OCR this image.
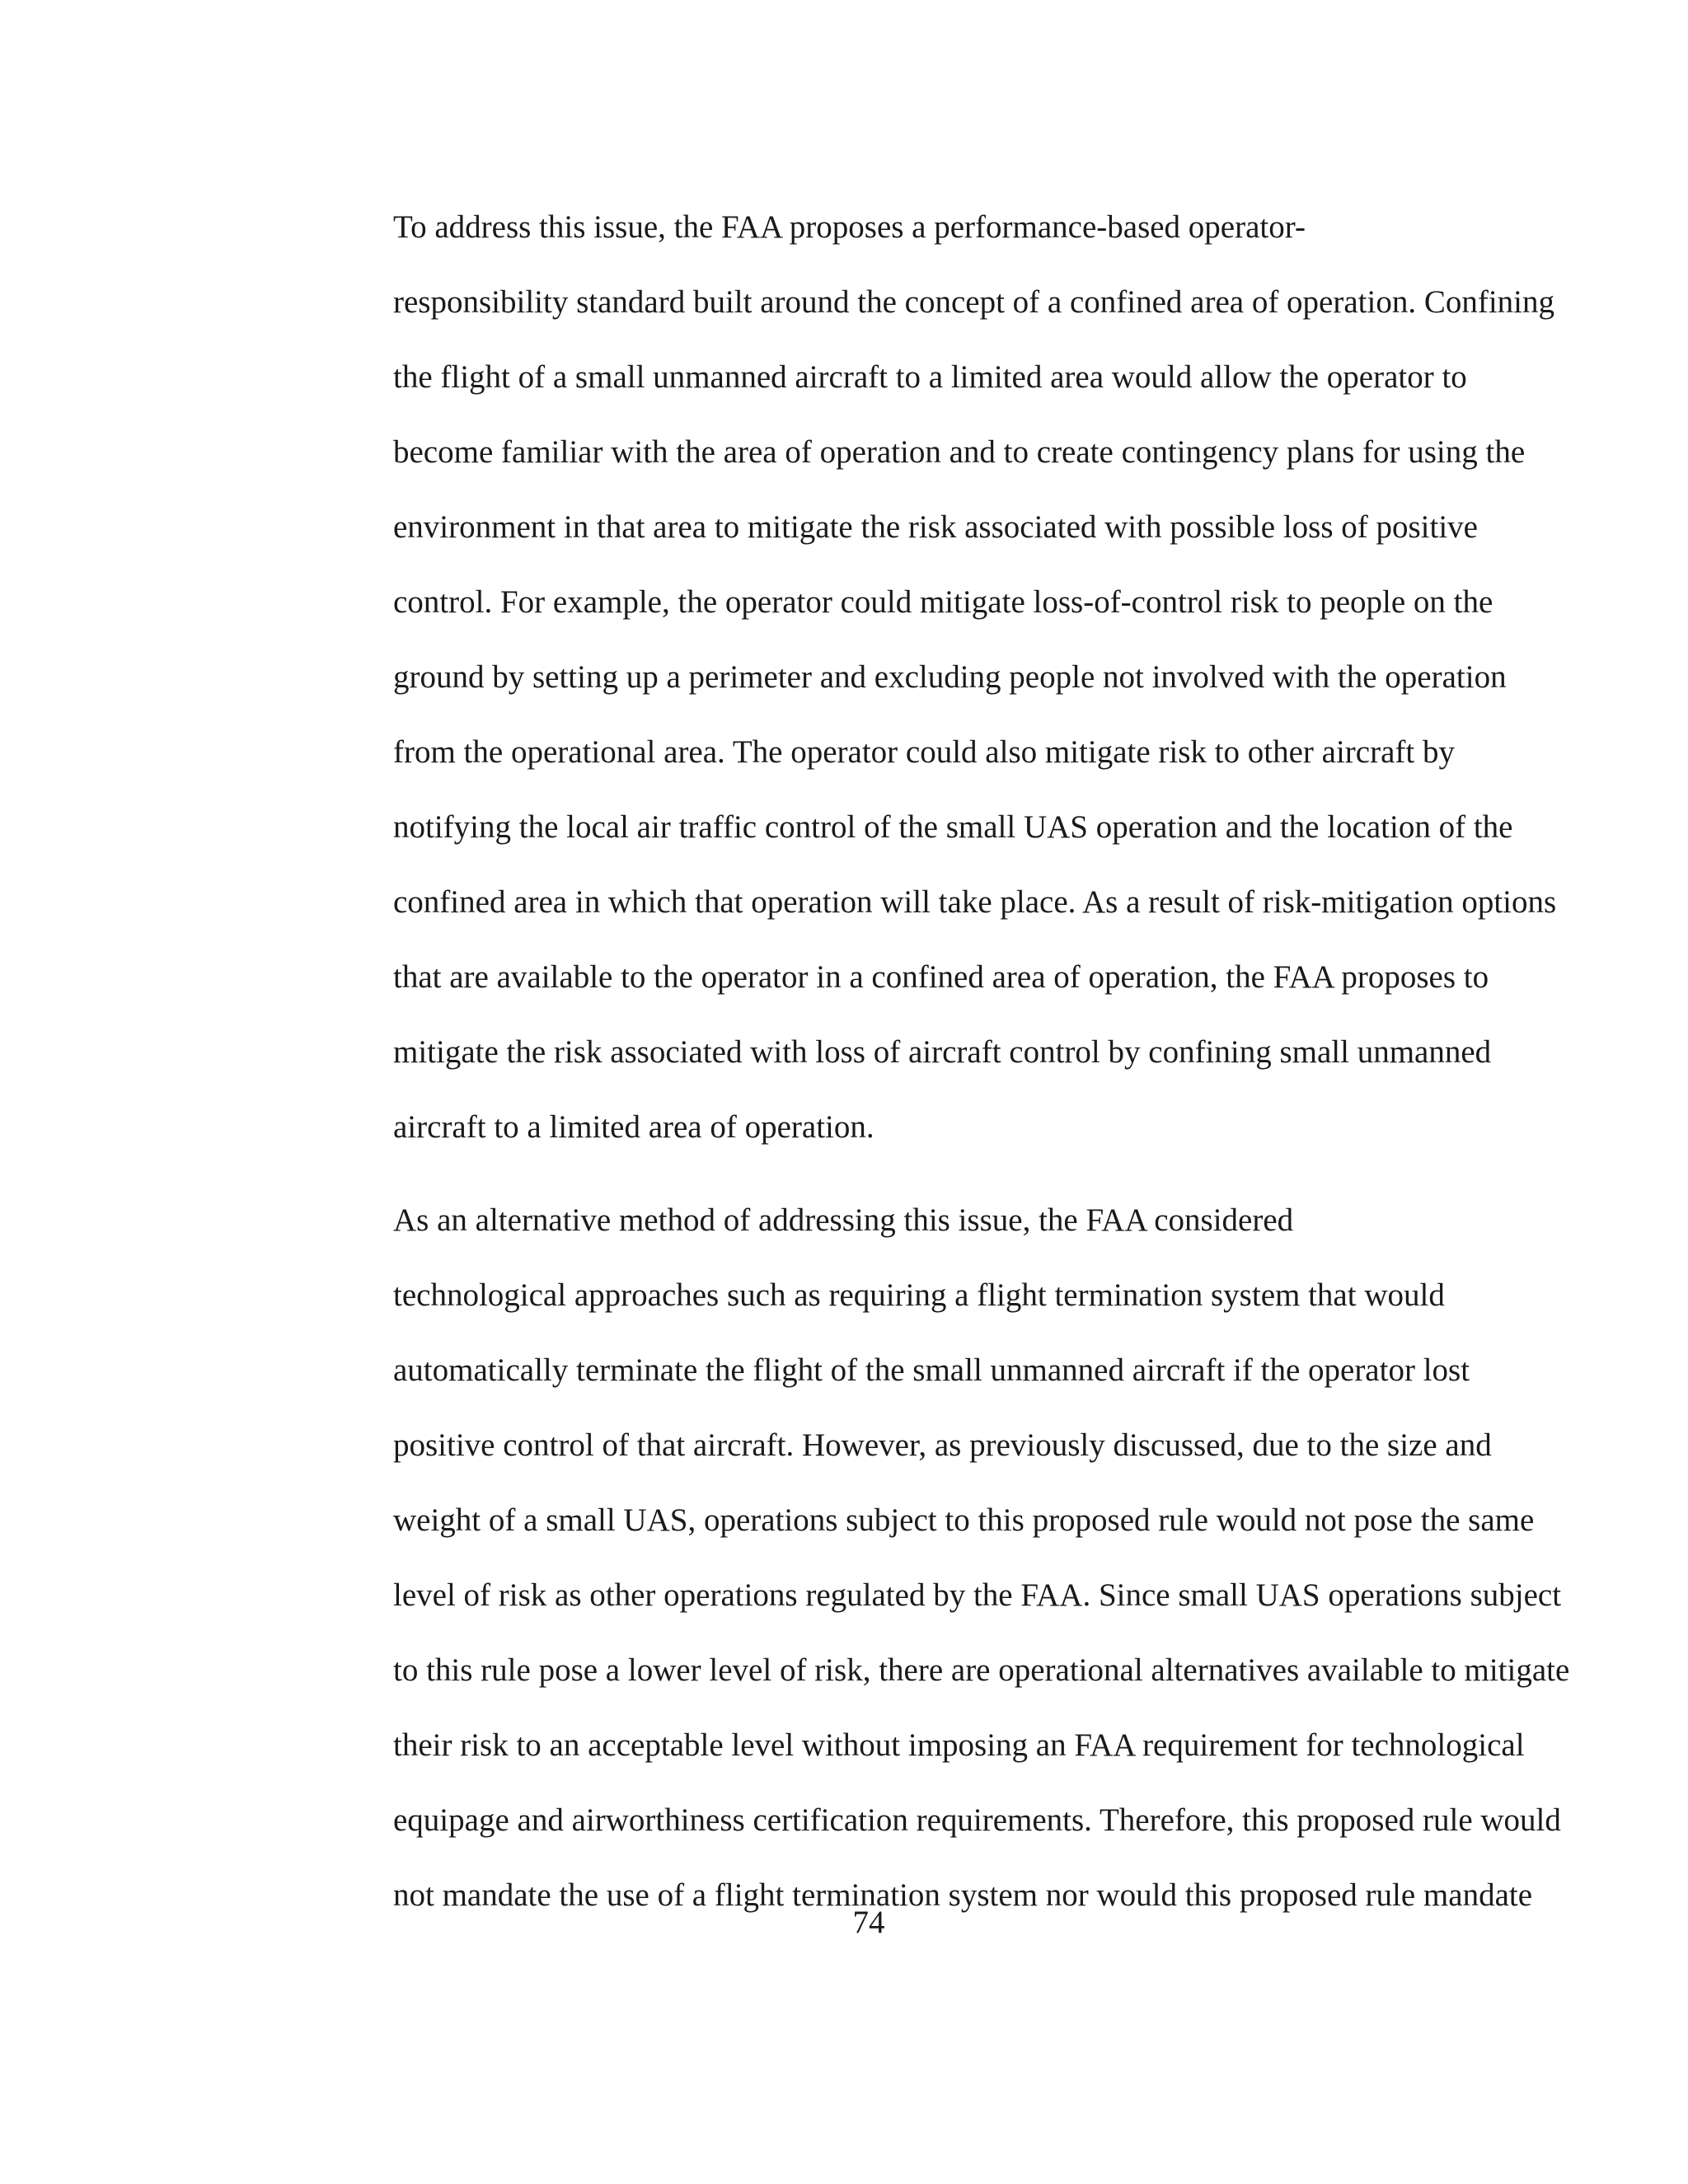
To address this issue, the FAA proposes a performance-based operator-
responsibility standard built around the concept of a confined area of operation. Confining
the flight of a small unmanned aircraft to a limited area would allow the operator to
become familiar with the area of operation and to create contingency plans for using the
environment in that area to mitigate the risk associated with possible loss of positive
control. For example, the operator could mitigate loss-of-control risk to people on the
ground by setting up a perimeter and excluding people not involved with the operation
from the operational area. The operator could also mitigate risk to other aircraft by
notifying the local air traffic control of the small UAS operation and the location of the
confined area in which that operation will take place. As a result of risk-mitigation options
that are available to the operator in a confined area of operation, the FAA proposes to
mitigate the risk associated with loss of aircraft control by confining small unmanned
aircraft to a limited area of operation.

As an alternative method of addressing this issue, the FAA considered
technological approaches such as requiring a flight termination system that would
automatically terminate the flight of the small unmanned aircraft if the operator lost
positive control of that aircraft. However, as previously discussed, due to the size and
weight of a small UAS, operations subject to this proposed rule would not pose the same
level of risk as other operations regulated by the FAA. Since small UAS operations subject
to this rule pose a lower level of risk, there are operational alternatives available to mitigate
their risk to an acceptable level without imposing an FAA requirement for technological
equipage and airworthiness certification requirements. Therefore, this proposed rule would
not mandate the use of a flight termination system nor would this proposed rule mandate

74
